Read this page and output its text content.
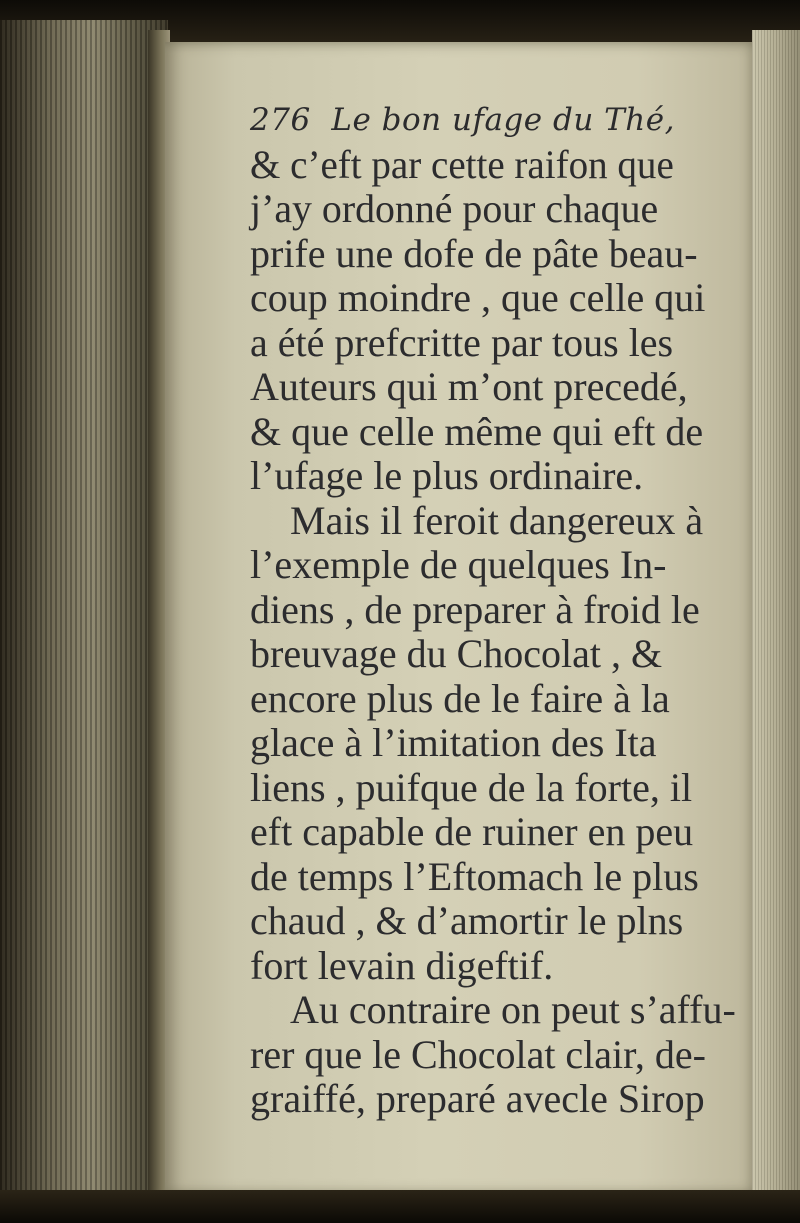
276 Le bon ufage du Thé,
& c’eft par cette raifon que
j’ay ordonné pour chaque
prife une dofe de pâte beau-
coup moindre , que celle qui
a été prefcritte par tous les
Auteurs qui m’ont precedé,
& que celle même qui eft de
l’ufage le plus ordinaire.
Mais il feroit dangereux à
l’exemple de quelques In-
diens , de preparer à froid le
breuvage du Chocolat , &
encore plus de le faire à la
glace à l’imitation des Ita
liens , puifque de la forte, il
eft capable de ruiner en peu
de temps l’Eftomach le plus
chaud , & d’amortir le plns
fort levain digeftif.
Au contraire on peut s’affu-
rer que le Chocolat clair, de-
graiffé, preparé avecle Sirop
